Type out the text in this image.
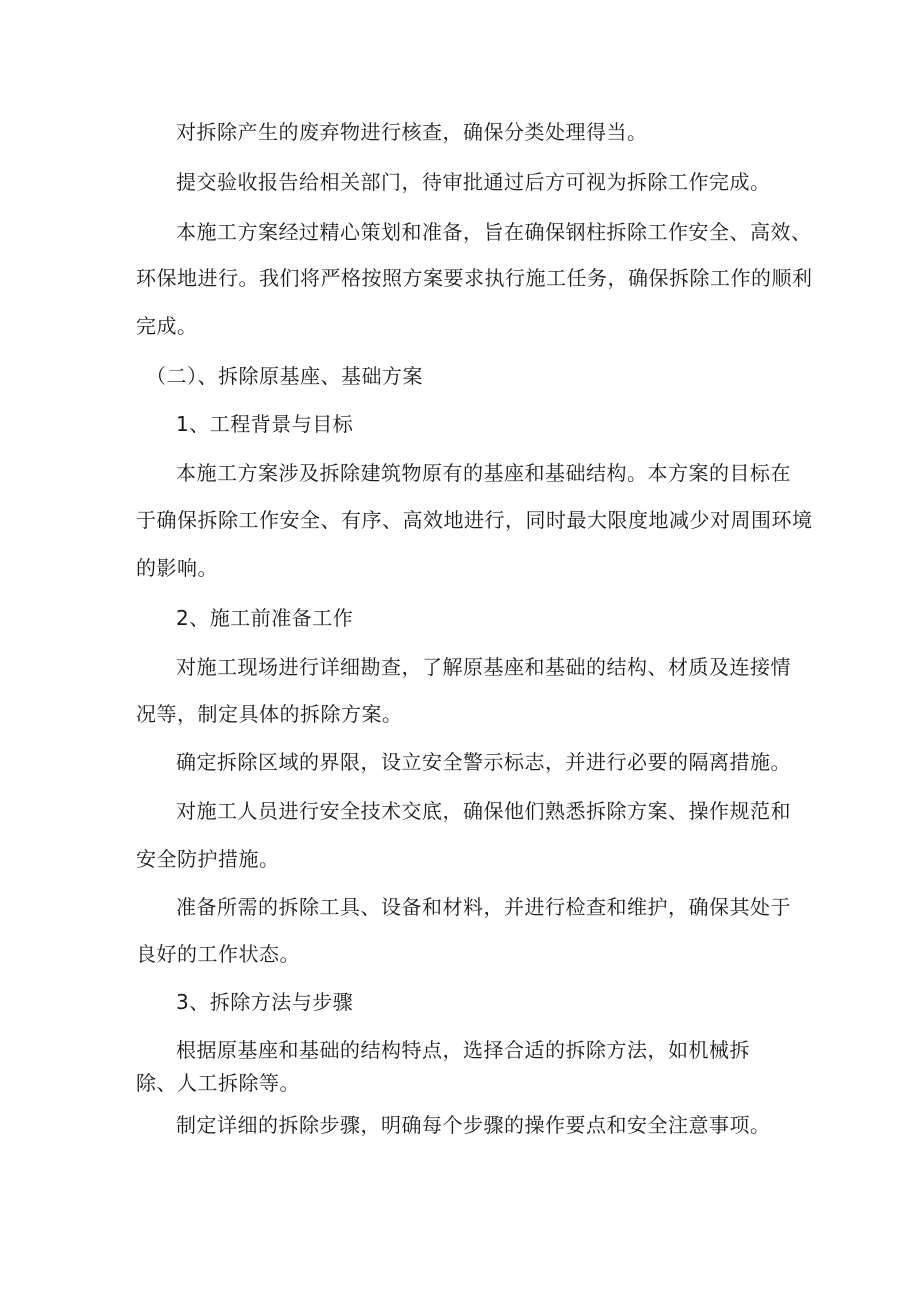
对拆除产生的废弃物进行核查，确保分类处理得当。
提交验收报告给相关部门，待审批通过后方可视为拆除工作完成。
本施工方案经过精心策划和准备，旨在确保钢柱拆除工作安全、高效、
环保地进行。我们将严格按照方案要求执行施工任务，确保拆除工作的顺利
完成。
（二）、拆除原基座、基础方案
1、工程背景与目标
本施工方案涉及拆除建筑物原有的基座和基础结构。本方案的目标在
于确保拆除工作安全、有序、高效地进行，同时最大限度地减少对周围环境
的影响。
2、施工前准备工作
对施工现场进行详细勘查，了解原基座和基础的结构、材质及连接情
况等，制定具体的拆除方案。
确定拆除区域的界限，设立安全警示标志，并进行必要的隔离措施。
对施工人员进行安全技术交底，确保他们熟悉拆除方案、操作规范和
安全防护措施。
准备所需的拆除工具、设备和材料，并进行检查和维护，确保其处于
良好的工作状态。
3、拆除方法与步骤
根据原基座和基础的结构特点，选择合适的拆除方法，如机械拆
除、人工拆除等。
制定详细的拆除步骤，明确每个步骤的操作要点和安全注意事项。
